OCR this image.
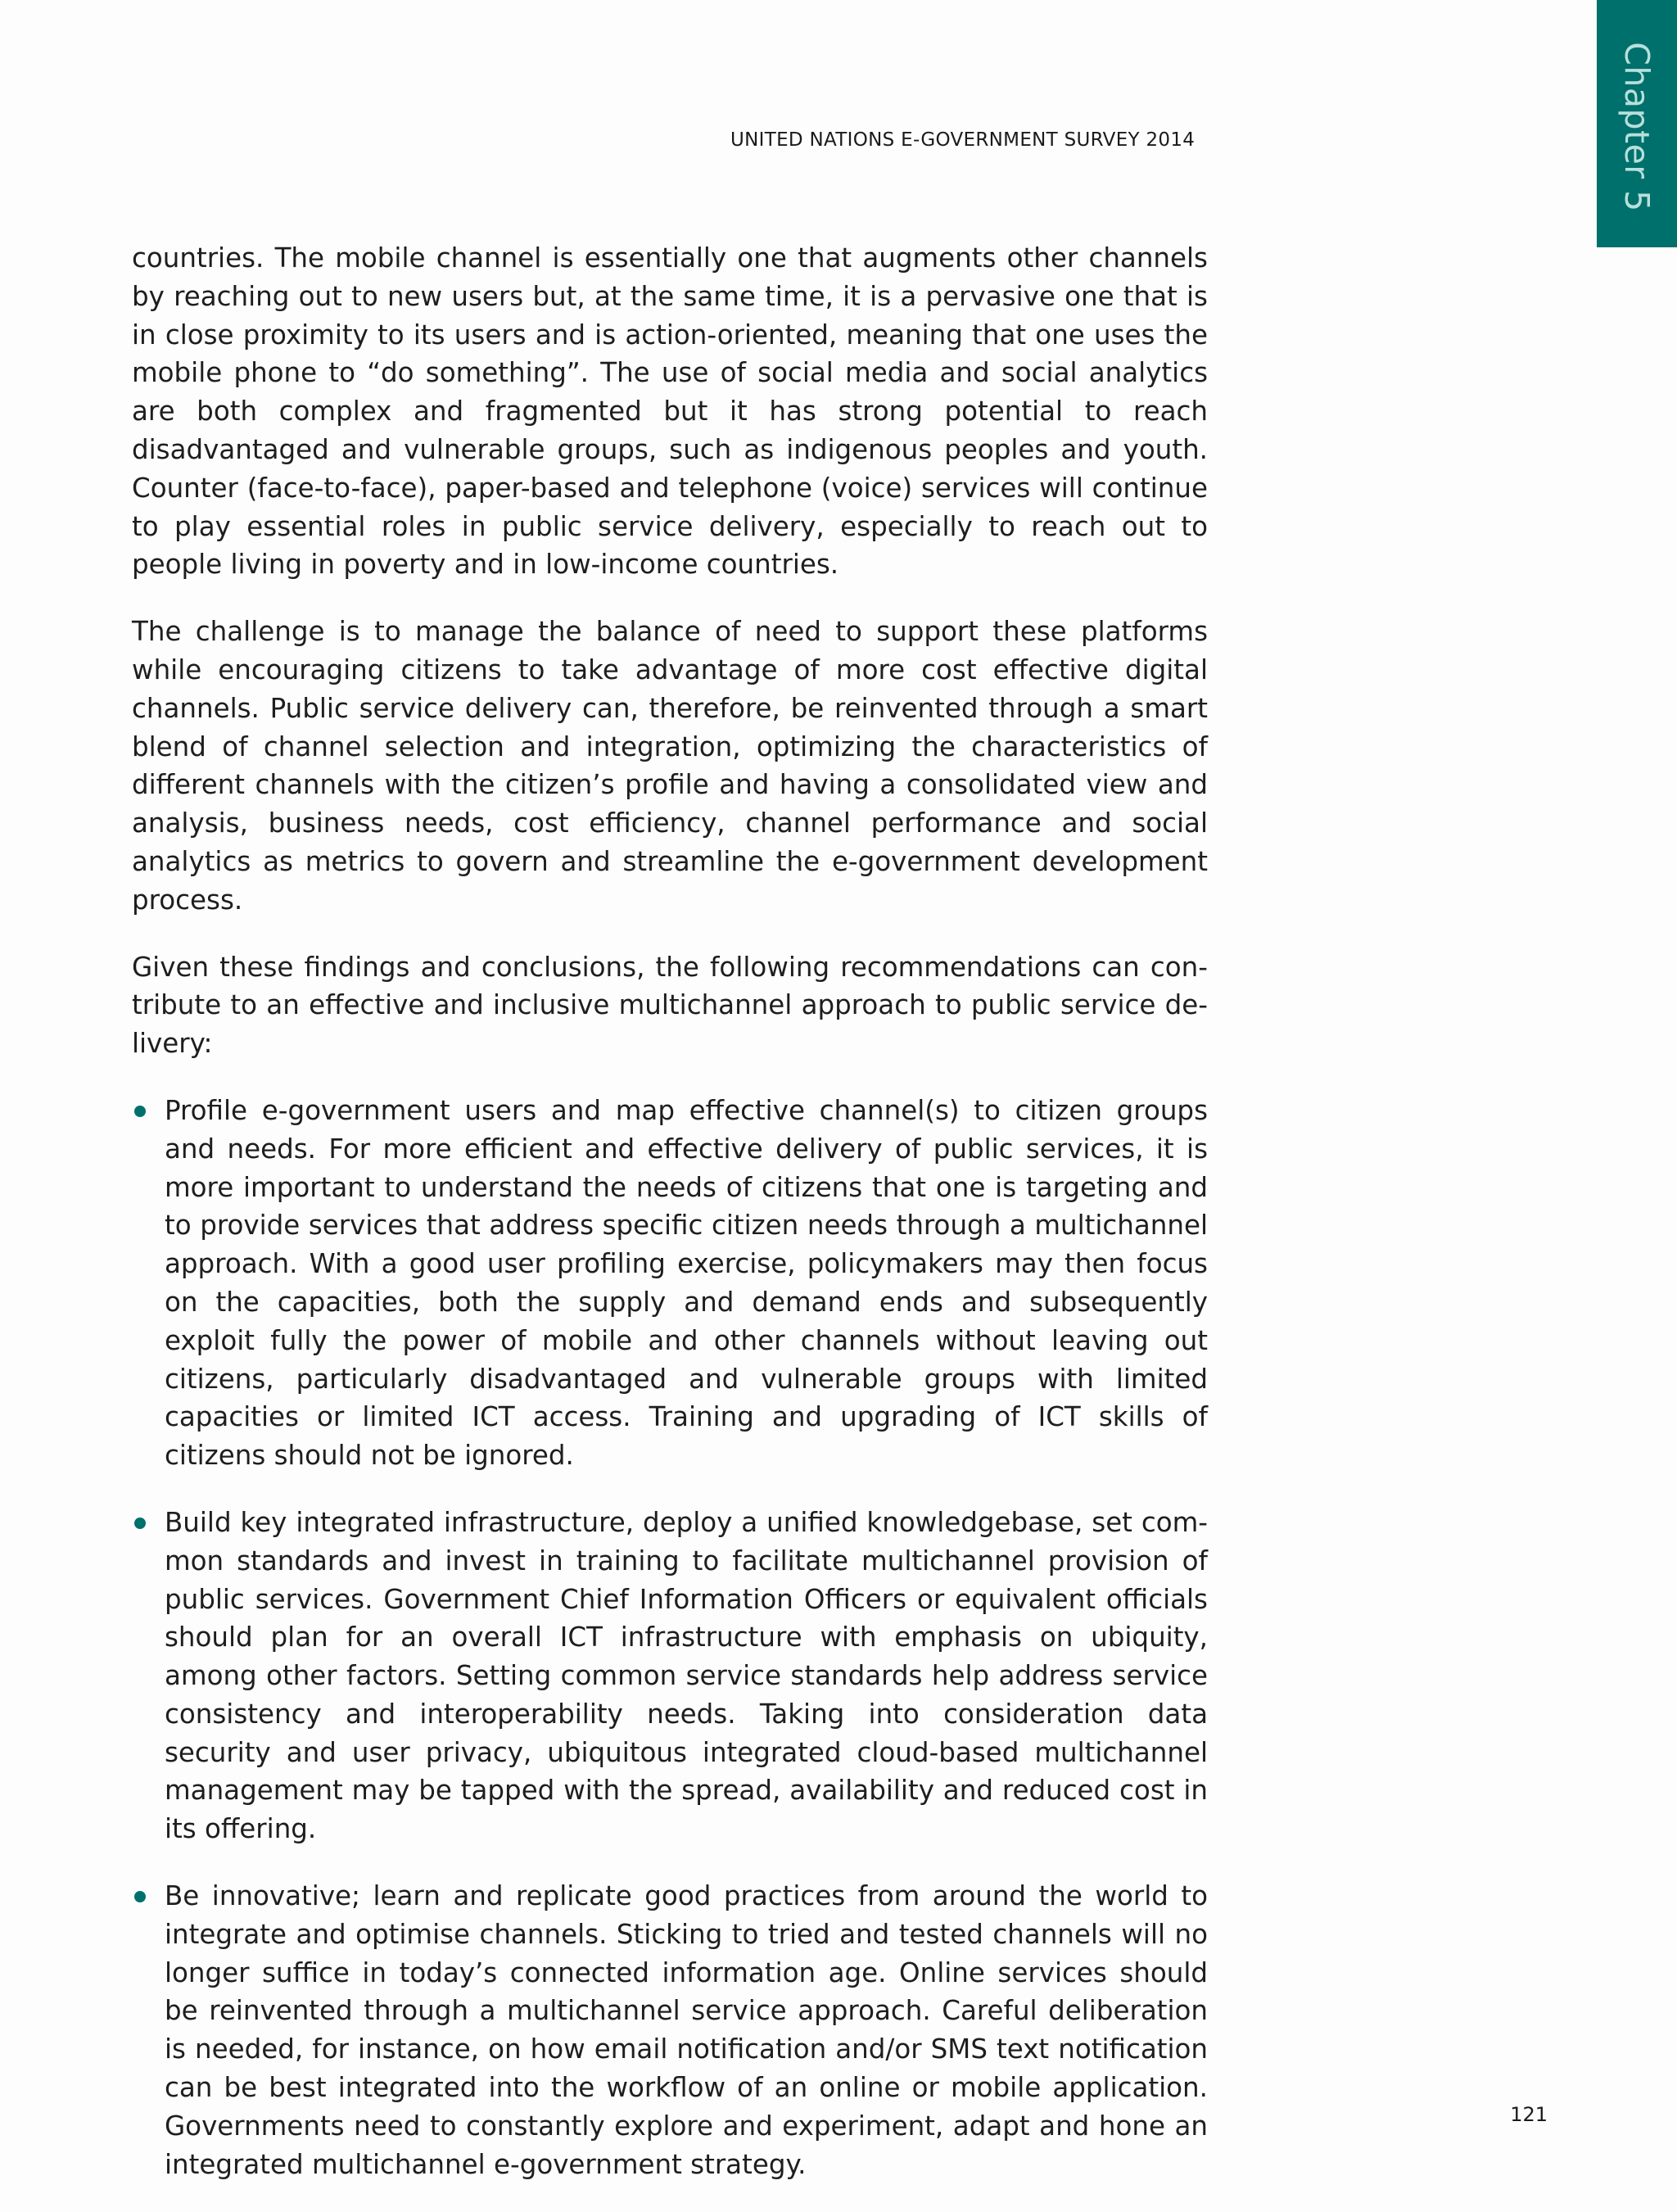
Chapter 5
UNITED NATIONS E-GOVERNMENT SURVEY 2014

countries. The mobile channel is essentially one that augments other channels by reaching out to new users but, at the same time, it is a pervasive one that is in close proximity to its users and is action-oriented, meaning that one uses the mobile phone to “do something”. The use of social media and social analytics are both complex and fragmented but it has strong potential to reach disadvantaged and vulnerable groups, such as indigenous peoples and youth. Counter (face-to-face), paper-based and telephone (voice) services will continue to play essential roles in public service delivery, especially to reach out to people living in poverty and in low-income countries.

The challenge is to manage the balance of need to support these platforms while encouraging citizens to take advantage of more cost effective digital channels. Public service delivery can, therefore, be reinvented through a smart blend of channel selection and integration, optimizing the characteristics of different channels with the citizen’s profile and having a consolidated view and analysis, business needs, cost efficiency, channel performance and social analytics as metrics to govern and streamline the e-government development process.

Given these findings and conclusions, the following recommendations can contribute to an effective and inclusive multichannel approach to public service delivery:

Profile e-government users and map effective channel(s) to citizen groups and needs. For more efficient and effective delivery of public services, it is more important to understand the needs of citizens that one is targeting and to provide services that address specific citizen needs through a multichannel approach. With a good user profiling exercise, policymakers may then focus on the capacities, both the supply and demand ends and subsequently exploit fully the power of mobile and other channels without leaving out citizens, particularly disadvantaged and vulnerable groups with limited capacities or limited ICT access. Training and upgrading of ICT skills of citizens should not be ignored.
Build key integrated infrastructure, deploy a unified knowledgebase, set common standards and invest in training to facilitate multichannel provision of public services. Government Chief Information Officers or equivalent officials should plan for an overall ICT infrastructure with emphasis on ubiquity, among other factors. Setting common service standards help address service consistency and interoperability needs. Taking into consideration data security and user privacy, ubiquitous integrated cloud-based multichannel management may be tapped with the spread, availability and reduced cost in its offering.
Be innovative; learn and replicate good practices from around the world to integrate and optimise channels. Sticking to tried and tested channels will no longer suffice in today’s connected information age. Online services should be reinvented through a multichannel service approach. Careful deliberation is needed, for instance, on how email notification and/or SMS text notification can be best integrated into the workflow of an online or mobile application. Governments need to constantly explore and experiment, adapt and hone an integrated multichannel e-government strategy.
121
